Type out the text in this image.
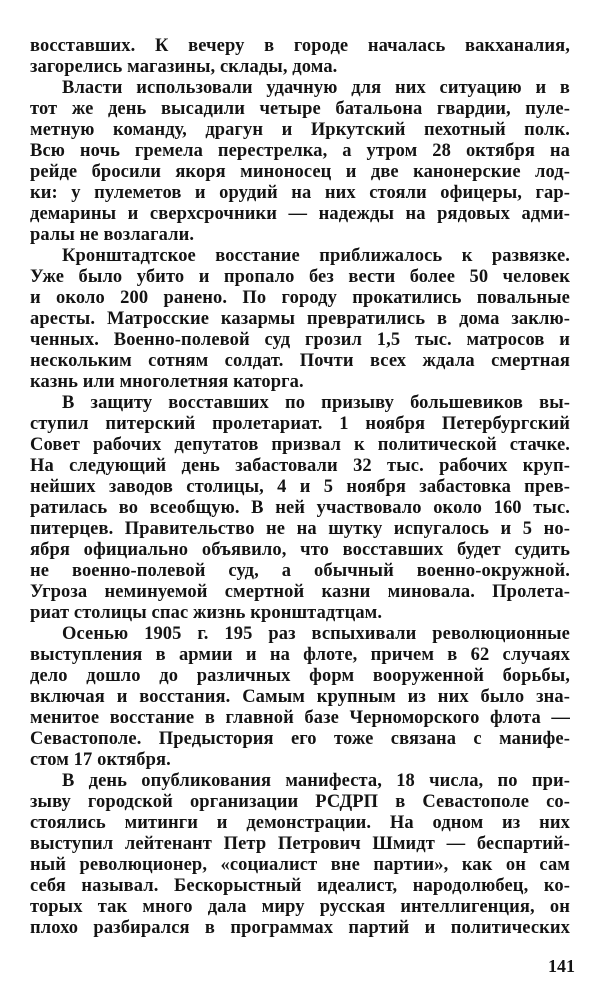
восставших. К вечеру в городе началась вакханалия,
загорелись магазины, склады, дома.
Власти использовали удачную для них ситуацию и в
тот же день высадили четыре батальона гвардии, пуле-
метную команду, драгун и Иркутский пехотный полк.
Всю ночь гремела перестрелка, а утром 28 октября на
рейде бросили якоря миноносец и две канонерские лод-
ки: у пулеметов и орудий на них стояли офицеры, гар-
демарины и сверхсрочники — надежды на рядовых адми-
ралы не возлагали.
Кронштадтское восстание приближалось к развязке.
Уже было убито и пропало без вести более 50 человек
и около 200 ранено. По городу прокатились повальные
аресты. Матросские казармы превратились в дома заклю-
ченных. Военно-полевой суд грозил 1,5 тыс. матросов и
нескольким сотням солдат. Почти всех ждала смертная
казнь или многолетняя каторга.
В защиту восставших по призыву большевиков вы-
ступил питерский пролетариат. 1 ноября Петербургский
Совет рабочих депутатов призвал к политической стачке.
На следующий день забастовали 32 тыс. рабочих круп-
нейших заводов столицы, 4 и 5 ноября забастовка прев-
ратилась во всеобщую. В ней участвовало около 160 тыс.
питерцев. Правительство не на шутку испугалось и 5 но-
ября официально объявило, что восставших будет судить
не военно-полевой суд, а обычный военно-окружной.
Угроза неминуемой смертной казни миновала. Пролета-
риат столицы спас жизнь кронштадтцам.
Осенью 1905 г. 195 раз вспыхивали революционные
выступления в армии и на флоте, причем в 62 случаях
дело дошло до различных форм вооруженной борьбы,
включая и восстания. Самым крупным из них было зна-
менитое восстание в главной базе Черноморского флота —
Севастополе. Предыстория его тоже связана с манифе-
стом 17 октября.
В день опубликования манифеста, 18 числа, по при-
зыву городской организации РСДРП в Севастополе со-
стоялись митинги и демонстрации. На одном из них
выступил лейтенант Петр Петрович Шмидт — беспартий-
ный революционер, «социалист вне партии», как он сам
себя называл. Бескорыстный идеалист, народолюбец, ко-
торых так много дала миру русская интеллигенция, он
плохо разбирался в программах партий и политических
141
